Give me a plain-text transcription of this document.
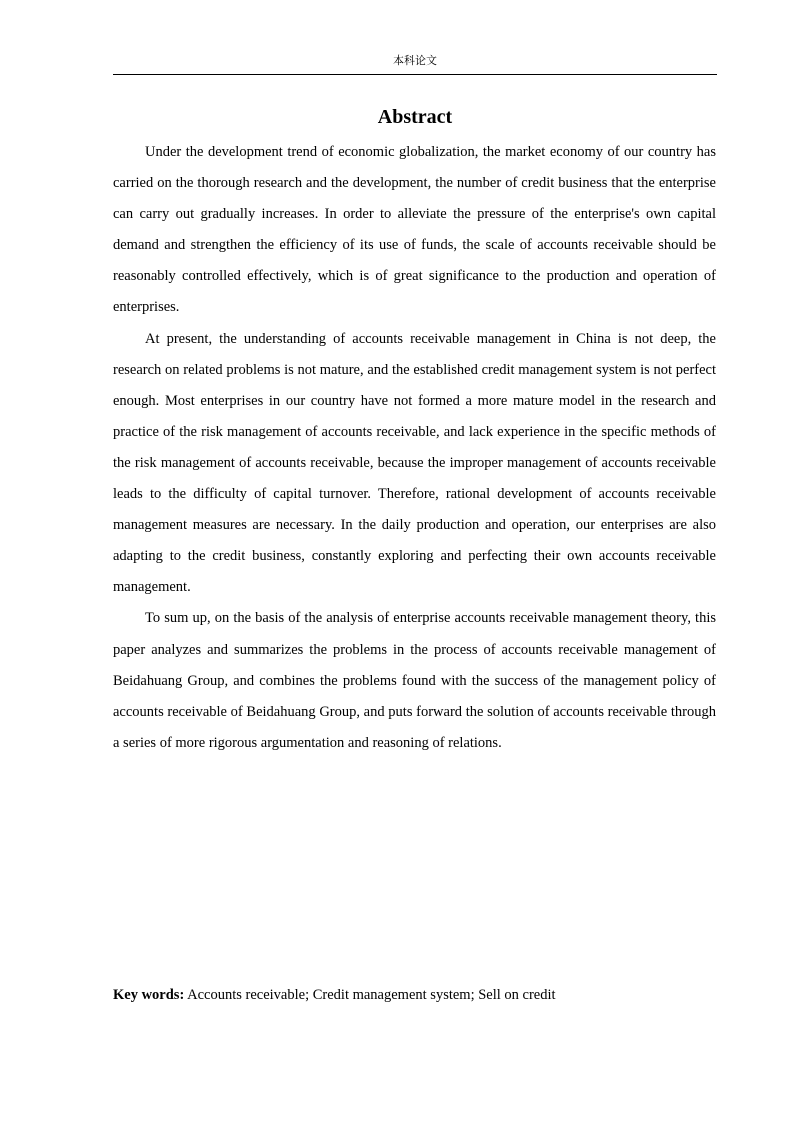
本科论文
Abstract

Under the development trend of economic globalization, the market economy of our country has carried on the thorough research and the development, the number of credit business that the enterprise can carry out gradually increases. In order to alleviate the pressure of the enterprise's own capital demand and strengthen the efficiency of its use of funds, the scale of accounts receivable should be reasonably controlled effectively, which is of great significance to the production and operation of enterprises.

At present, the understanding of accounts receivable management in China is not deep, the research on related problems is not mature, and the established credit management system is not perfect enough. Most enterprises in our country have not formed a more mature model in the research and practice of the risk management of accounts receivable, and lack experience in the specific methods of the risk management of accounts receivable, because the improper management of accounts receivable leads to the difficulty of capital turnover. Therefore, rational development of accounts receivable management measures are necessary. In the daily production and operation, our enterprises are also adapting to the credit business, constantly exploring and perfecting their own accounts receivable management.

To sum up, on the basis of the analysis of enterprise accounts receivable management theory, this paper analyzes and summarizes the problems in the process of accounts receivable management of Beidahuang Group, and combines the problems found with the success of the management policy of accounts receivable of Beidahuang Group, and puts forward the solution of accounts receivable through a series of more rigorous argumentation and reasoning of relations.

Key words: Accounts receivable; Credit management system; Sell on credit
